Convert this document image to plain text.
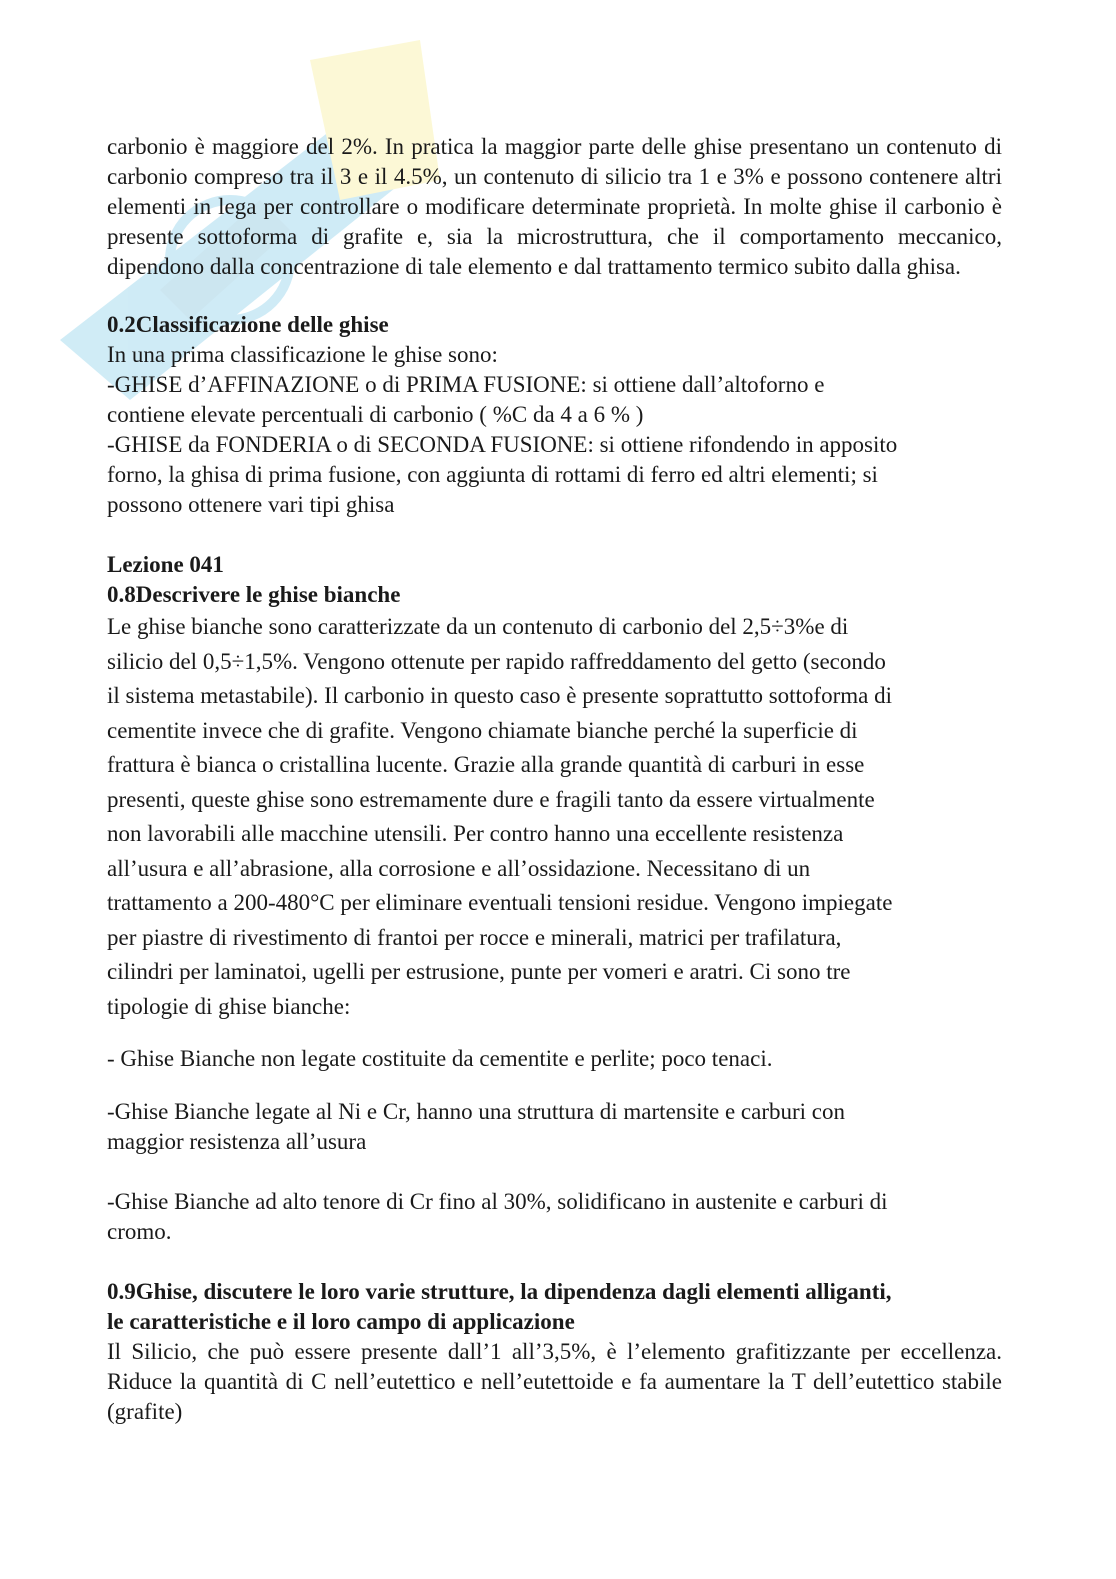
carbonio è maggiore del 2%. In pratica la maggior parte delle ghise presentano un contenuto di carbonio compreso tra il 3 e il 4.5%, un contenuto di silicio tra 1 e 3% e possono contenere altri elementi in lega per controllare o modificare determinate proprietà. In molte ghise il carbonio è presente sottoforma di grafite e, sia la microstruttura, che il comportamento meccanico, dipendono dalla concentrazione di tale elemento e dal trattamento termico subito dalla ghisa.

0.2Classificazione delle ghise

In una prima classificazione le ghise sono:

-GHISE d’AFFINAZIONE o di PRIMA FUSIONE: si ottiene dall’altoforno e

contiene elevate percentuali di carbonio ( %C da 4 a 6 % )

-GHISE da FONDERIA o di SECONDA FUSIONE: si ottiene rifondendo in apposito

forno, la ghisa di prima fusione, con aggiunta di rottami di ferro ed altri elementi; si

possono ottenere vari tipi ghisa

Lezione 041

0.8Descrivere le ghise bianche

Le ghise bianche sono caratterizzate da un contenuto di carbonio del 2,5÷3%e di

silicio del 0,5÷1,5%. Vengono ottenute per rapido raffreddamento del getto (secondo

il sistema metastabile). Il carbonio in questo caso è presente soprattutto sottoforma di

cementite invece che di grafite. Vengono chiamate bianche perché la superficie di

frattura è bianca o cristallina lucente. Grazie alla grande quantità di carburi in esse

presenti, queste ghise sono estremamente dure e fragili tanto da essere virtualmente

non lavorabili alle macchine utensili. Per contro hanno una eccellente resistenza

all’usura e all’abrasione, alla corrosione e all’ossidazione. Necessitano di un

trattamento a 200-480°C per eliminare eventuali tensioni residue. Vengono impiegate

per piastre di rivestimento di frantoi per rocce e minerali, matrici per trafilatura,

cilindri per laminatoi, ugelli per estrusione, punte per vomeri e aratri. Ci sono tre

tipologie di ghise bianche:

- Ghise Bianche non legate costituite da cementite e perlite; poco tenaci.

-Ghise Bianche legate al Ni e Cr, hanno una struttura di martensite e carburi con

maggior resistenza all’usura

-Ghise Bianche ad alto tenore di Cr fino al 30%, solidificano in austenite e carburi di

cromo.

0.9Ghise, discutere le loro varie strutture, la dipendenza dagli elementi alliganti,

le caratteristiche e il loro campo di applicazione

Il Silicio, che può essere presente dall’1 all’3,5%, è l’elemento grafitizzante per eccellenza. Riduce la quantità di C nell’eutettico e nell’eutettoide e fa aumentare la T dell’eutettico stabile (grafite)
